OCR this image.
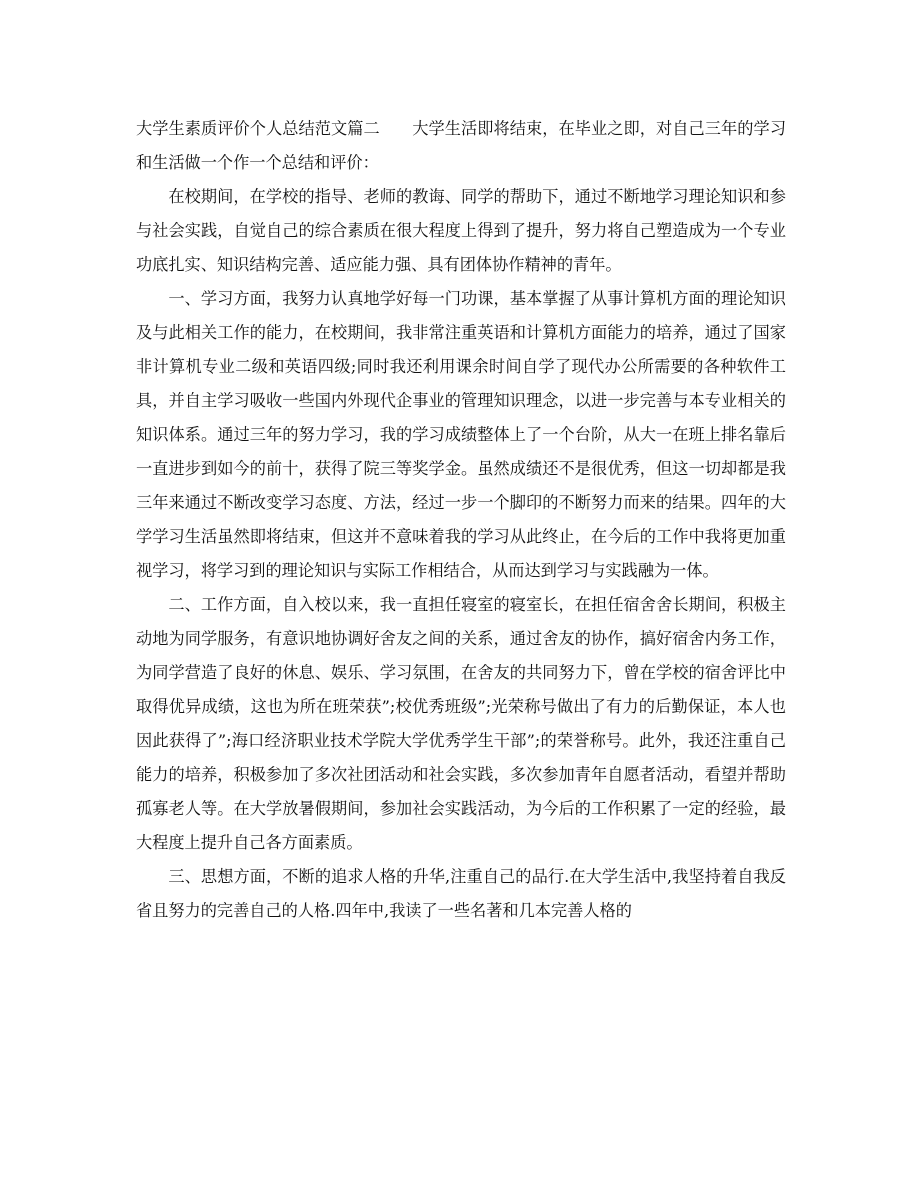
大学生素质评价个人总结范文篇二 大学生活即将结束，在毕业之即，对自己三年的学习和生活做一个作一个总结和评价：

在校期间，在学校的指导、老师的教诲、同学的帮助下，通过不断地学习理论知识和参与社会实践，自觉自己的综合素质在很大程度上得到了提升，努力将自己塑造成为一个专业功底扎实、知识结构完善、适应能力强、具有团体协作精神的青年。

一、学习方面，我努力认真地学好每一门功课，基本掌握了从事计算机方面的理论知识及与此相关工作的能力，在校期间，我非常注重英语和计算机方面能力的培养，通过了国家非计算机专业二级和英语四级;同时我还利用课余时间自学了现代办公所需要的各种软件工具，并自主学习吸收一些国内外现代企事业的管理知识理念，以进一步完善与本专业相关的知识体系。通过三年的努力学习，我的学习成绩整体上了一个台阶，从大一在班上排名靠后一直进步到如今的前十，获得了院三等奖学金。虽然成绩还不是很优秀，但这一切却都是我三年来通过不断改变学习态度、方法，经过一步一个脚印的不断努力而来的结果。四年的大学学习生活虽然即将结束，但这并不意味着我的学习从此终止，在今后的工作中我将更加重视学习，将学习到的理论知识与实际工作相结合，从而达到学习与实践融为一体。

二、工作方面，自入校以来，我一直担任寝室的寝室长，在担任宿舍舍长期间，积极主动地为同学服务，有意识地协调好舍友之间的关系，通过舍友的协作，搞好宿舍内务工作，为同学营造了良好的休息、娱乐、学习氛围，在舍友的共同努力下，曾在学校的宿舍评比中取得优异成绩，这也为所在班荣获”;校优秀班级”;光荣称号做出了有力的后勤保证，本人也因此获得了”;海口经济职业技术学院大学优秀学生干部”;的荣誉称号。此外，我还注重自己能力的培养，积极参加了多次社团活动和社会实践，多次参加青年自愿者活动，看望并帮助孤寡老人等。在大学放暑假期间，参加社会实践活动，为今后的工作积累了一定的经验，最大程度上提升自己各方面素质。

三、思想方面，不断的追求人格的升华,注重自己的品行.在大学生活中,我坚持着自我反省且努力的完善自己的人格.四年中,我读了一些名著和几本完善人格的
